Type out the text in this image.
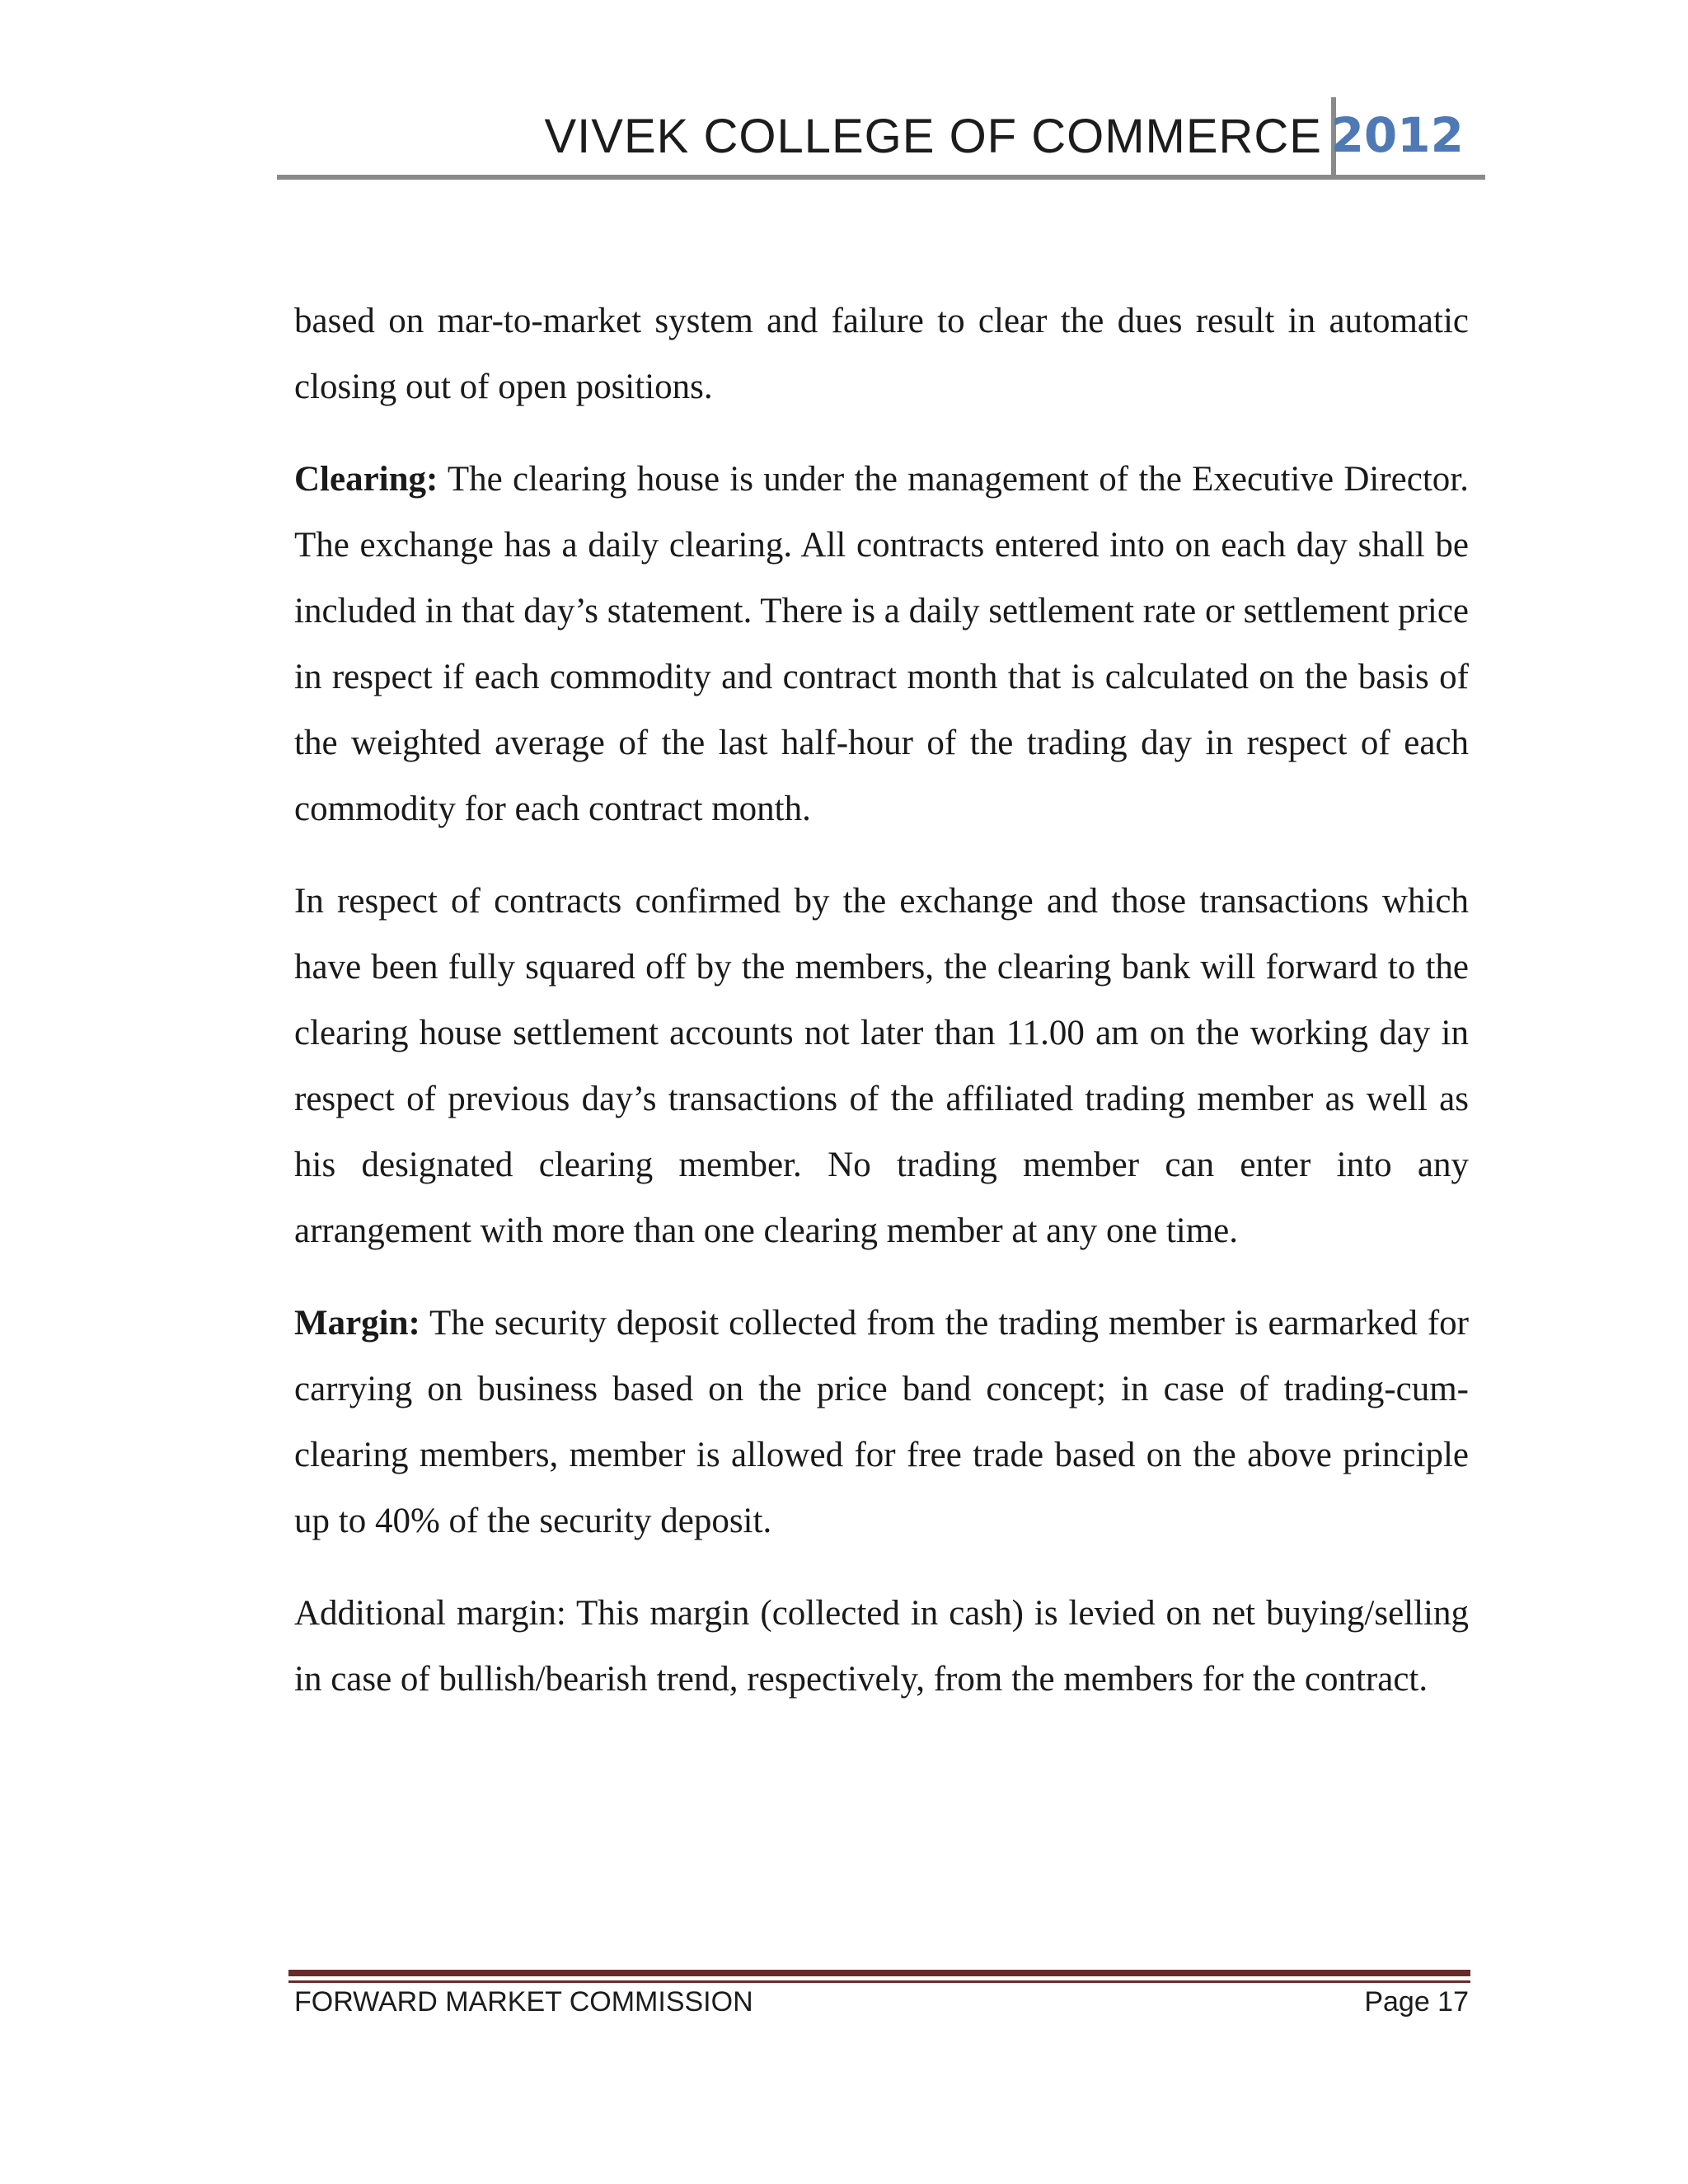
VIVEK COLLEGE OF COMMERCE 2012

based on mar-to-market system and failure to clear the dues result in automatic closing out of open positions.

Clearing: The clearing house is under the management of the Executive Director. The exchange has a daily clearing. All contracts entered into on each day shall be included in that day’s statement. There is a daily settlement rate or settlement price in respect if each commodity and contract month that is calculated on the basis of the weighted average of the last half-hour of the trading day in respect of each commodity for each contract month.

In respect of contracts confirmed by the exchange and those transactions which have been fully squared off by the members, the clearing bank will forward to the clearing house settlement accounts not later than 11.00 am on the working day in respect of previous day’s transactions of the affiliated trading member as well as his designated clearing member. No trading member can enter into any arrangement with more than one clearing member at any one time.

Margin: The security deposit collected from the trading member is earmarked for carrying on business based on the price band concept; in case of trading-cum-clearing members, member is allowed for free trade based on the above principle up to 40% of the security deposit.

Additional margin: This margin (collected in cash) is levied on net buying/selling in case of bullish/bearish trend, respectively, from the members for the contract.

FORWARD MARKET COMMISSION	Page 17
